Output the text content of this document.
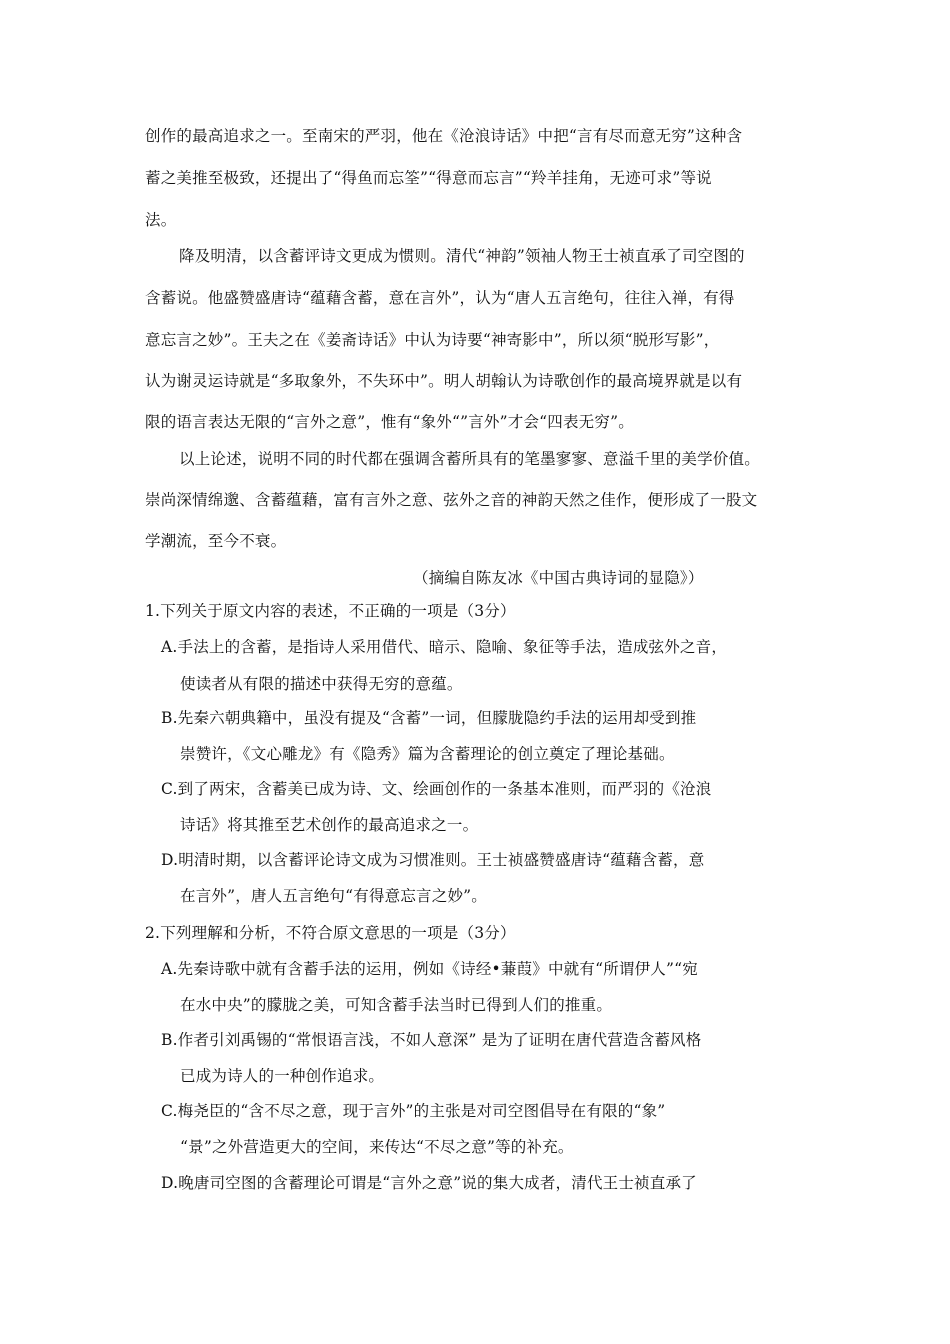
创作的最高追求之一。至南宋的严羽，他在《沧浪诗话》中把“言有尽而意无穷”这种含
蓄之美推至极致，还提出了“得鱼而忘筌”“得意而忘言”“羚羊挂角，无迹可求”等说
法。
降及明清，以含蓄评诗文更成为惯则。清代“神韵”领袖人物王士祯直承了司空图的
含蓄说。他盛赞盛唐诗“蕴藉含蓄，意在言外”，认为“唐人五言绝句，往往入禅，有得
意忘言之妙”。王夫之在《姜斋诗话》中认为诗要“神寄影中”，所以须“脱形写影”，
认为谢灵运诗就是“多取象外，不失环中”。明人胡翰认为诗歌创作的最高境界就是以有
限的语言表达无限的“言外之意”，惟有“象外“”言外”才会“四表无穷”。
以上论述，说明不同的时代都在强调含蓄所具有的笔墨寥寥、意溢千里的美学价值。
崇尚深情绵邈、含蓄蕴藉，富有言外之意、弦外之音的神韵天然之佳作，便形成了一股文
学潮流，至今不衰。
（摘编自陈友冰《中国古典诗词的显隐》）
1.下列关于原文内容的表述，不正确的一项是（3分）
A.手法上的含蓄，是指诗人采用借代、暗示、隐喻、象征等手法，造成弦外之音，
使读者从有限的描述中获得无穷的意蕴。
B.先秦六朝典籍中，虽没有提及“含蓄”一词，但朦胧隐约手法的运用却受到推
崇赞许，《文心雕龙》有《隐秀》篇为含蓄理论的创立奠定了理论基础。
C.到了两宋，含蓄美已成为诗、文、绘画创作的一条基本准则，而严羽的《沧浪
诗话》将其推至艺术创作的最高追求之一。
D.明清时期，以含蓄评论诗文成为习惯准则。王士祯盛赞盛唐诗“蕴藉含蓄，意
在言外”，唐人五言绝句“有得意忘言之妙”。
2.下列理解和分析，不符合原文意思的一项是（3分）
A.先秦诗歌中就有含蓄手法的运用，例如《诗经•蒹葭》中就有“所谓伊人”“宛
在水中央”的朦胧之美，可知含蓄手法当时已得到人们的推重。
B.作者引刘禹锡的“常恨语言浅，不如人意深” 是为了证明在唐代营造含蓄风格
已成为诗人的一种创作追求。
C.梅尧臣的“含不尽之意，现于言外”的主张是对司空图倡导在有限的“象”
“景”之外营造更大的空间，来传达“不尽之意”等的补充。
D.晚唐司空图的含蓄理论可谓是“言外之意”说的集大成者，清代王士祯直承了
